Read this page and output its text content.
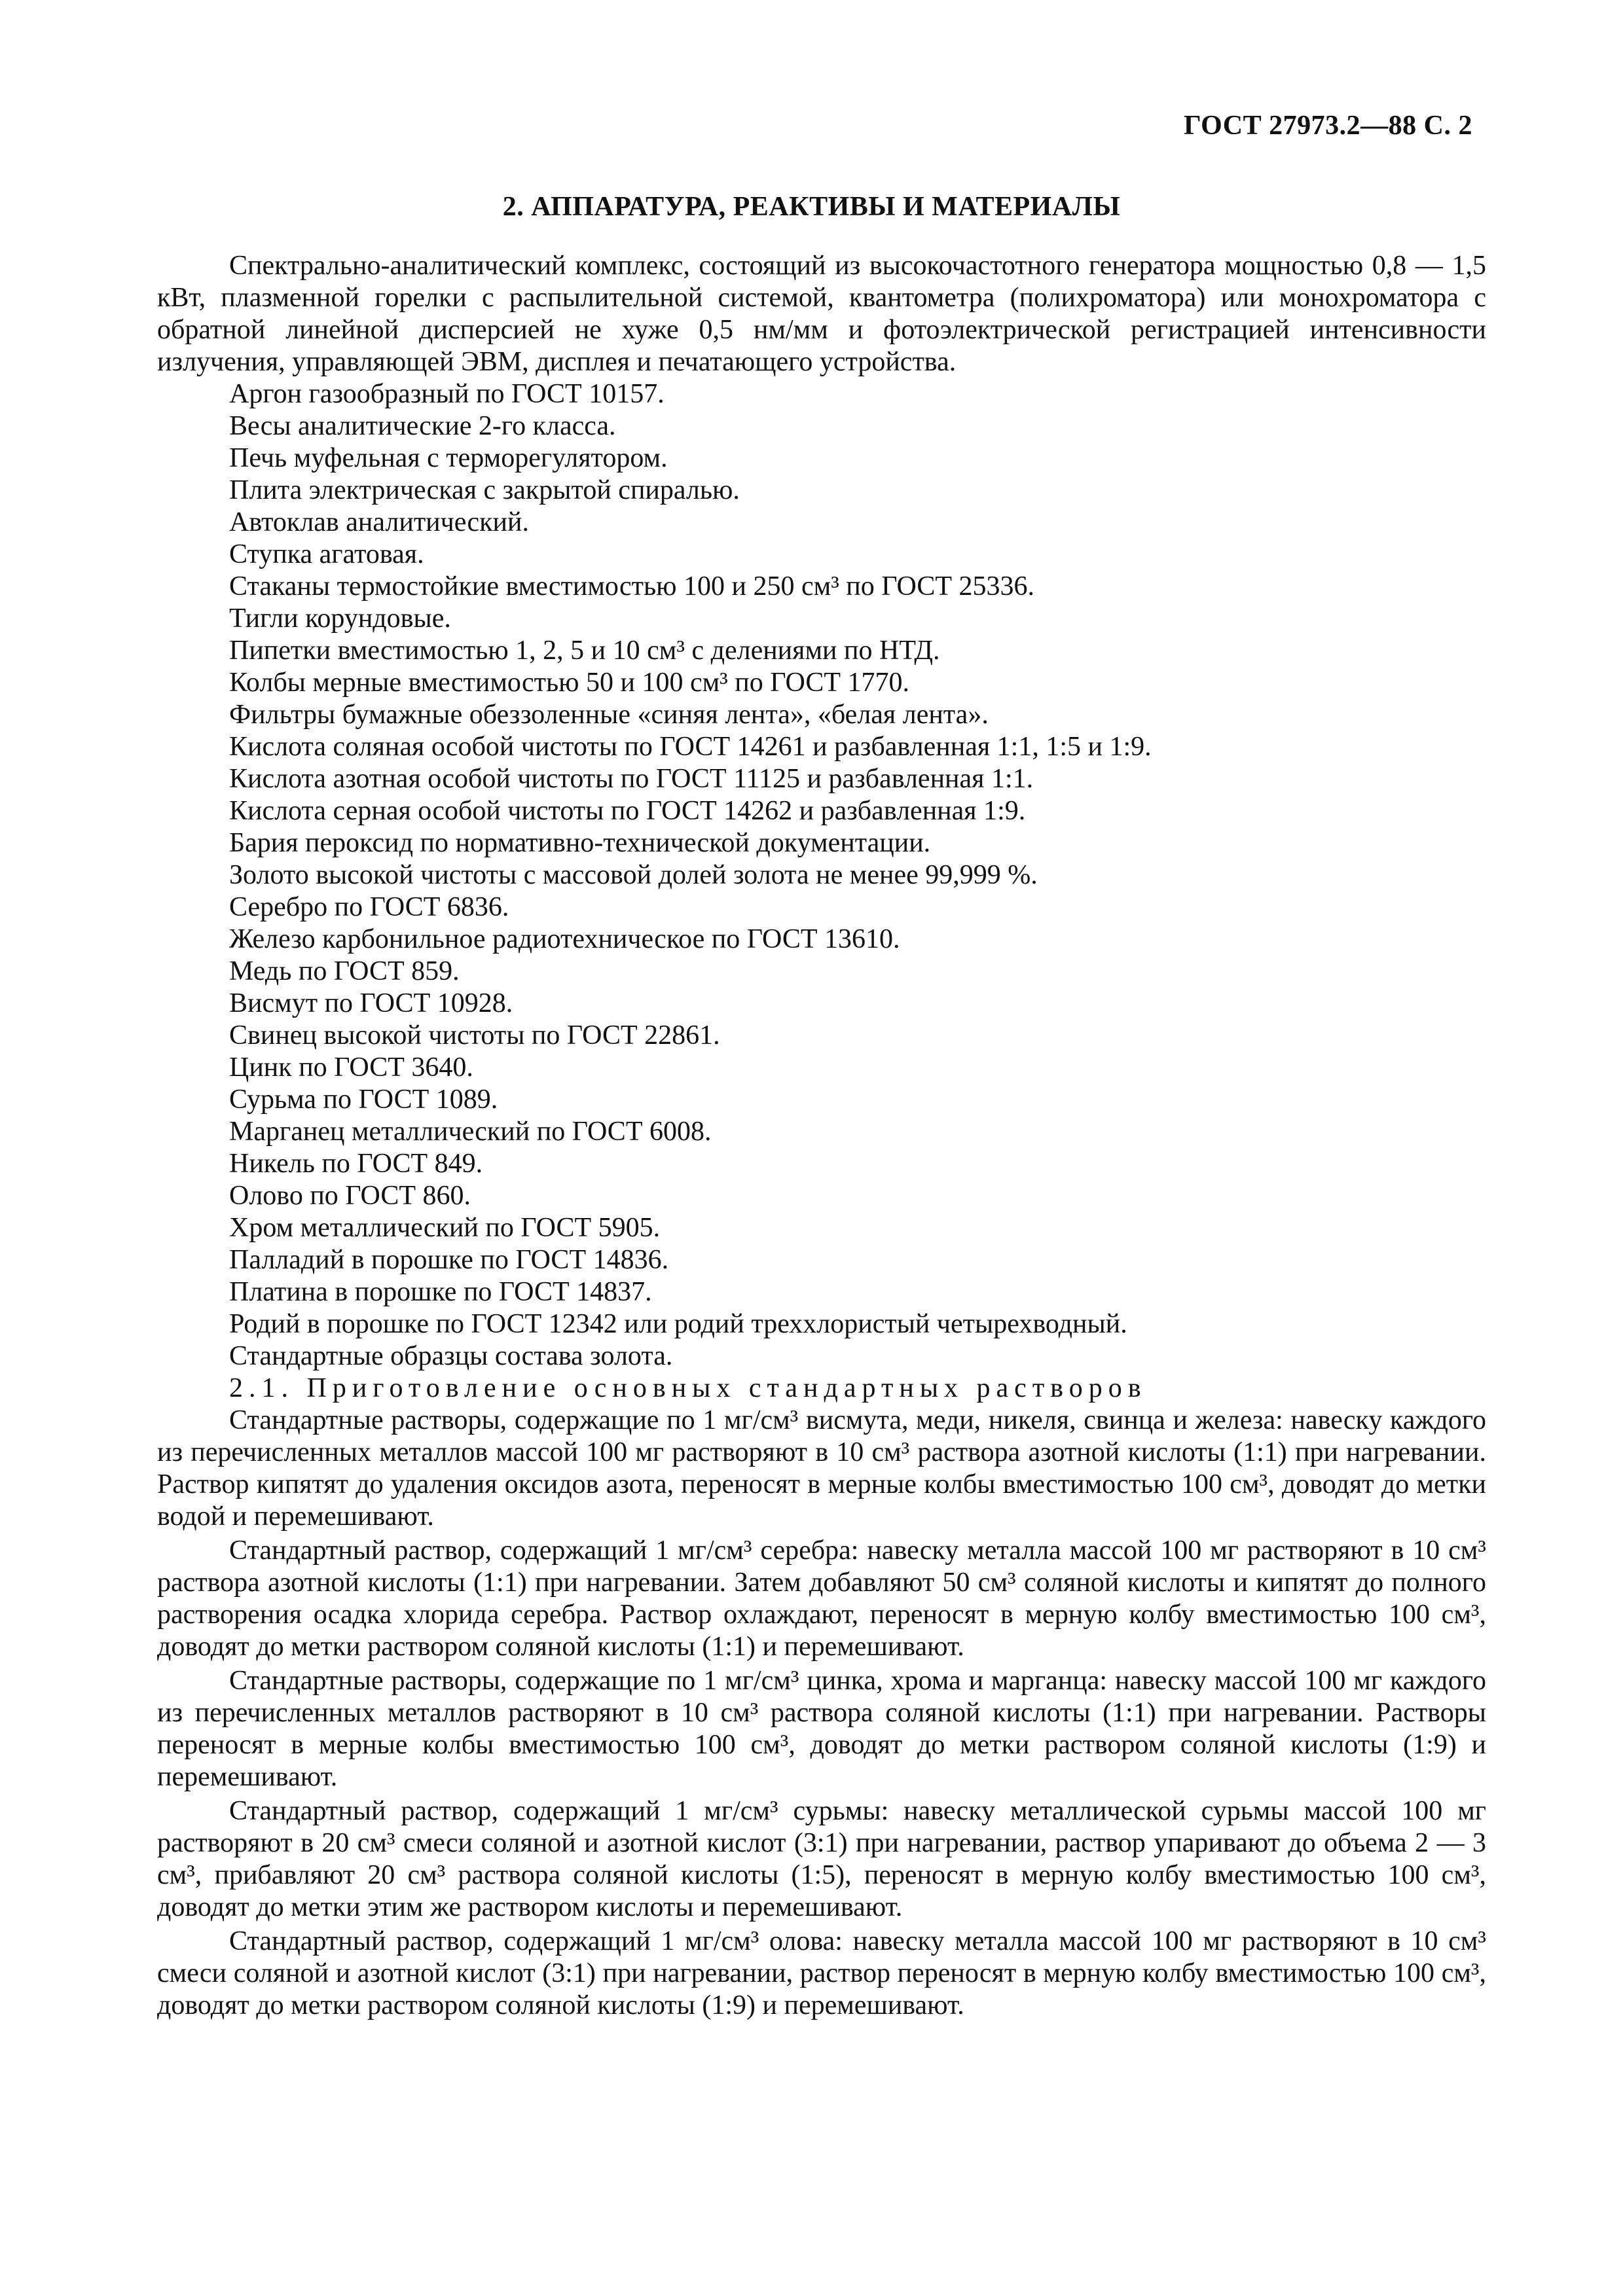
ГОСТ 27973.2—88 С. 2
2. АППАРАТУРА, РЕАКТИВЫ И МАТЕРИАЛЫ

Спектрально-аналитический комплекс, состоящий из высокочастотного генератора мощностью 0,8 — 1,5 кВт, плазменной горелки с распылительной системой, квантометра (полихроматора) или монохроматора с обратной линейной дисперсией не хуже 0,5 нм/мм и фотоэлектрической регистрацией интенсивности излучения, управляющей ЭВМ, дисплея и печатающего устройства.

Аргон газообразный по ГОСТ 10157.
Весы аналитические 2-го класса.
Печь муфельная с терморегулятором.
Плита электрическая с закрытой спиралью.
Автоклав аналитический.
Ступка агатовая.
Стаканы термостойкие вместимостью 100 и 250 см³ по ГОСТ 25336.
Тигли корундовые.
Пипетки вместимостью 1, 2, 5 и 10 см³ с делениями по НТД.
Колбы мерные вместимостью 50 и 100 см³ по ГОСТ 1770.
Фильтры бумажные обеззоленные «синяя лента», «белая лента».
Кислота соляная особой чистоты по ГОСТ 14261 и разбавленная 1:1, 1:5 и 1:9.
Кислота азотная особой чистоты по ГОСТ 11125 и разбавленная 1:1.
Кислота серная особой чистоты по ГОСТ 14262 и разбавленная 1:9.
Бария пероксид по нормативно-технической документации.
Золото высокой чистоты с массовой долей золота не менее 99,999 %.
Серебро по ГОСТ 6836.
Железо карбонильное радиотехническое по ГОСТ 13610.
Медь по ГОСТ 859.
Висмут по ГОСТ 10928.
Свинец высокой чистоты по ГОСТ 22861.
Цинк по ГОСТ 3640.
Сурьма по ГОСТ 1089.
Марганец металлический по ГОСТ 6008.
Никель по ГОСТ 849.
Олово по ГОСТ 860.
Хром металлический по ГОСТ 5905.
Палладий в порошке по ГОСТ 14836.
Платина в порошке по ГОСТ 14837.
Родий в порошке по ГОСТ 12342 или родий треххлористый четырехводный.
Стандартные образцы состава золота.

2.1. Приготовление основных стандартных растворов

Стандартные растворы, содержащие по 1 мг/см³ висмута, меди, никеля, свинца и железа: навеску каждого из перечисленных металлов массой 100 мг растворяют в 10 см³ раствора азотной кислоты (1:1) при нагревании. Раствор кипятят до удаления оксидов азота, переносят в мерные колбы вместимостью 100 см³, доводят до метки водой и перемешивают.

Стандартный раствор, содержащий 1 мг/см³ серебра: навеску металла массой 100 мг растворяют в 10 см³ раствора азотной кислоты (1:1) при нагревании. Затем добавляют 50 см³ соляной кислоты и кипятят до полного растворения осадка хлорида серебра. Раствор охлаждают, переносят в мерную колбу вместимостью 100 см³, доводят до метки раствором соляной кислоты (1:1) и перемешивают.

Стандартные растворы, содержащие по 1 мг/см³ цинка, хрома и марганца: навеску массой 100 мг каждого из перечисленных металлов растворяют в 10 см³ раствора соляной кислоты (1:1) при нагревании. Растворы переносят в мерные колбы вместимостью 100 см³, доводят до метки раствором соляной кислоты (1:9) и перемешивают.

Стандартный раствор, содержащий 1 мг/см³ сурьмы: навеску металлической сурьмы массой 100 мг растворяют в 20 см³ смеси соляной и азотной кислот (3:1) при нагревании, раствор упаривают до объема 2 — 3 см³, прибавляют 20 см³ раствора соляной кислоты (1:5), переносят в мерную колбу вместимостью 100 см³, доводят до метки этим же раствором кислоты и перемешивают.

Стандартный раствор, содержащий 1 мг/см³ олова: навеску металла массой 100 мг растворяют в 10 см³ смеси соляной и азотной кислот (3:1) при нагревании, раствор переносят в мерную колбу вместимостью 100 см³, доводят до метки раствором соляной кислоты (1:9) и перемешивают.
